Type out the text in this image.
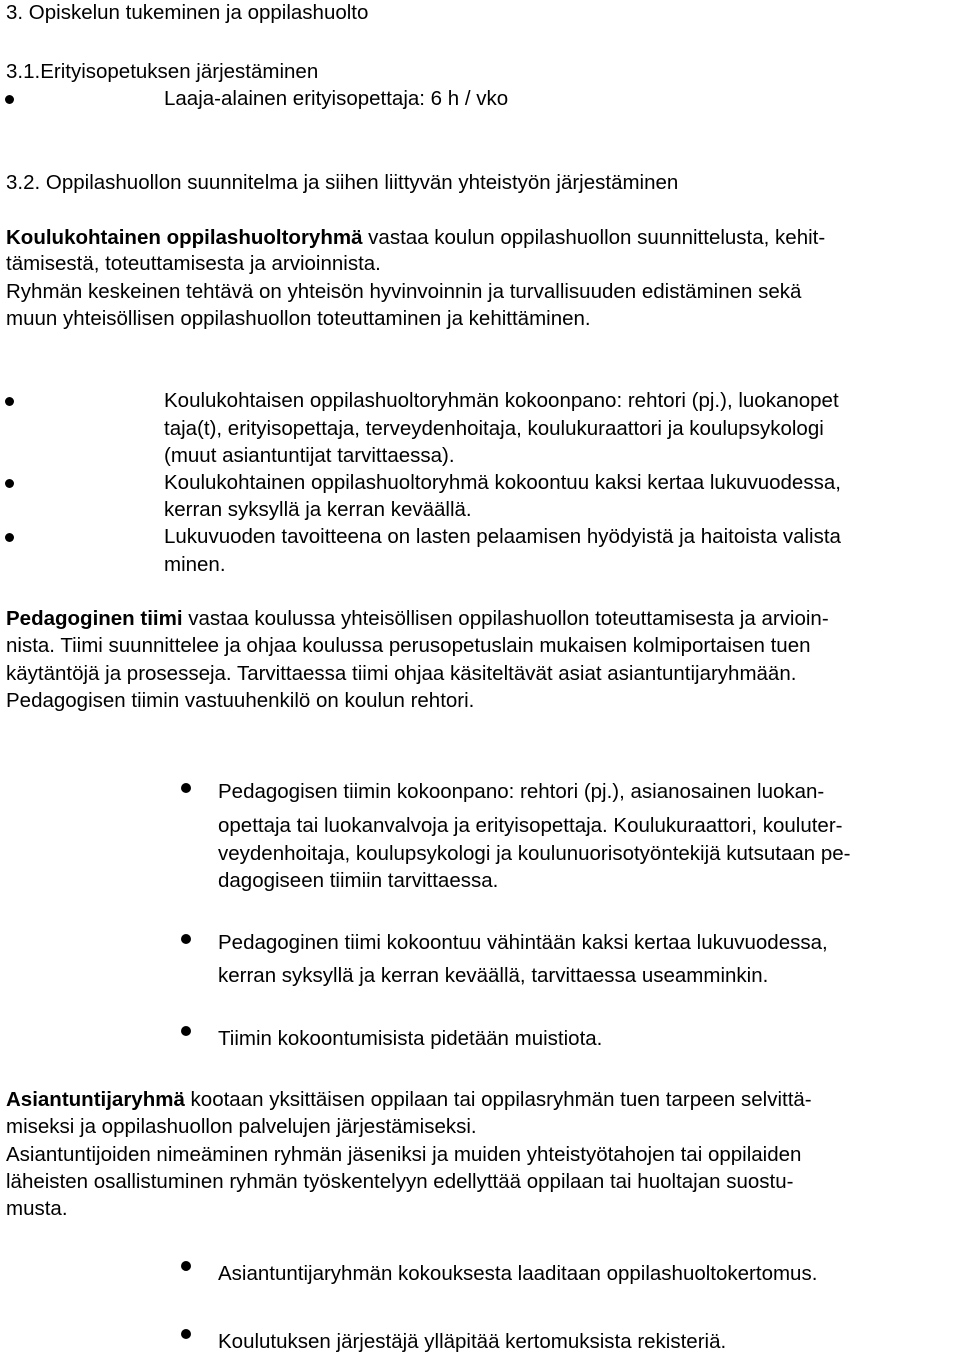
3. Opiskelun tukeminen ja oppilashuolto
3.1.Erityisopetuksen järjestäminen
Laaja-alainen erityisopettaja: 6 h / vko
3.2. Oppilashuollon suunnitelma ja siihen liittyvän yhteistyön järjestäminen
Koulukohtainen oppilashuoltoryhmä vastaa koulun oppilashuollon suunnittelusta, kehit-
tämisestä, toteuttamisesta ja arvioinnista.
Ryhmän keskeinen tehtävä on yhteisön hyvinvoinnin ja turvallisuuden edistäminen sekä
muun yhteisöllisen oppilashuollon toteuttaminen ja kehittäminen.
Koulukohtaisen oppilashuoltoryhmän kokoonpano: rehtori (pj.), luokanopet
taja(t), erityisopettaja, terveydenhoitaja, koulukuraattori ja koulupsykologi
(muut asiantuntijat tarvittaessa).
Koulukohtainen oppilashuoltoryhmä kokoontuu kaksi kertaa lukuvuodessa,
kerran syksyllä ja kerran keväällä.
Lukuvuoden tavoitteena on lasten pelaamisen hyödyistä ja haitoista valista
minen.
Pedagoginen tiimi vastaa koulussa yhteisöllisen oppilashuollon toteuttamisesta ja arvioin-
nista. Tiimi suunnittelee ja ohjaa koulussa perusopetuslain mukaisen kolmiportaisen tuen
käytäntöjä ja prosesseja. Tarvittaessa tiimi ohjaa käsiteltävät asiat asiantuntijaryhmään.
Pedagogisen tiimin vastuuhenkilö on koulun rehtori.
Pedagogisen tiimin kokoonpano: rehtori (pj.), asianosainen luokan-
opettaja tai luokanvalvoja ja erityisopettaja. Koulukuraattori, kouluter-
veydenhoitaja, koulupsykologi ja koulunuorisotyöntekijä kutsutaan pe-
dagogiseen tiimiin tarvittaessa.
Pedagoginen tiimi kokoontuu vähintään kaksi kertaa lukuvuodessa,
kerran syksyllä ja kerran keväällä, tarvittaessa useamminkin.
Tiimin kokoontumisista pidetään muistiota.
Asiantuntijaryhmä kootaan yksittäisen oppilaan tai oppilasryhmän tuen tarpeen selvittä-
miseksi ja oppilashuollon palvelujen järjestämiseksi.
Asiantuntijoiden nimeäminen ryhmän jäseniksi ja muiden yhteistyötahojen tai oppilaiden
läheisten osallistuminen ryhmän työskentelyyn edellyttää oppilaan tai huoltajan suostu-
musta.
Asiantuntijaryhmän kokouksesta laaditaan oppilashuoltokertomus.
Koulutuksen järjestäjä ylläpitää kertomuksista rekisteriä.
